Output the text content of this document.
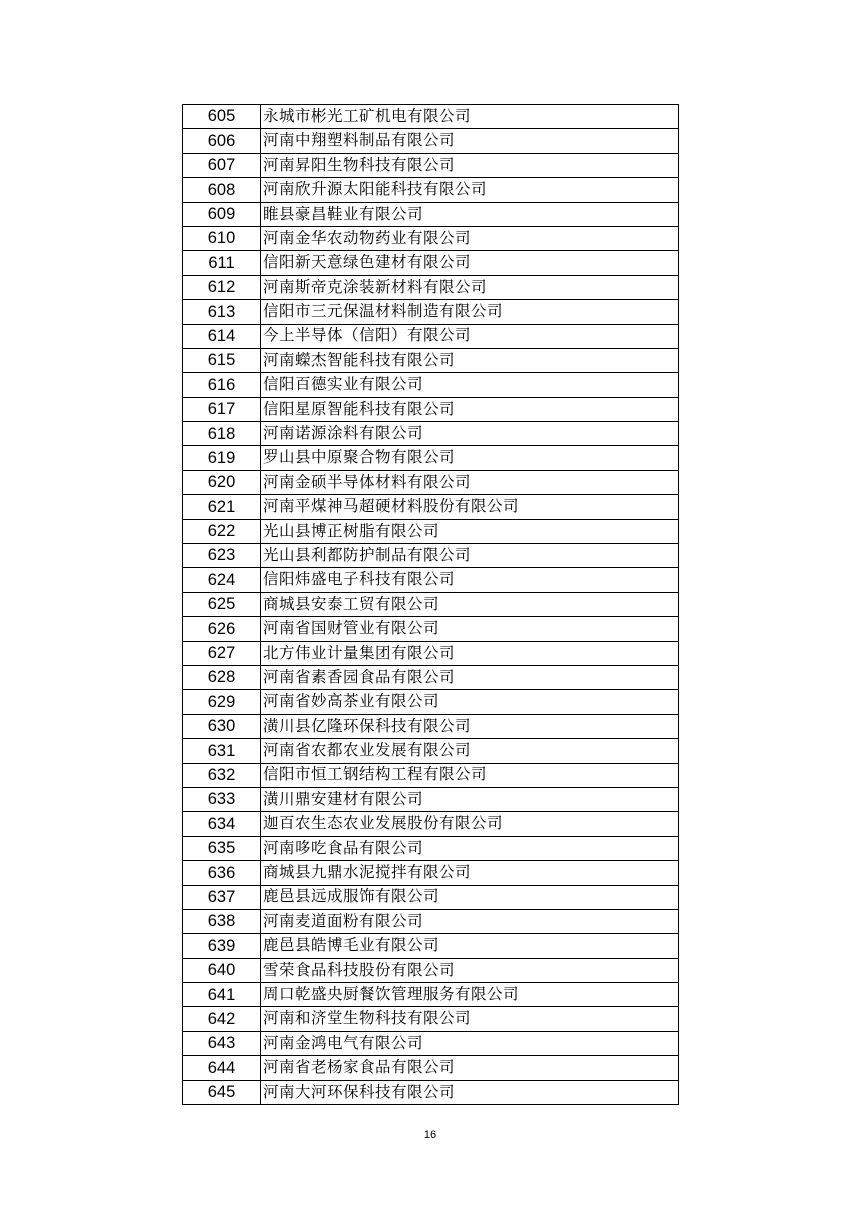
605	永城市彬光工矿机电有限公司
606	河南中翔塑料制品有限公司
607	河南昇阳生物科技有限公司
608	河南欣升源太阳能科技有限公司
609	睢县豪昌鞋业有限公司
610	河南金华农动物药业有限公司
611	信阳新天意绿色建材有限公司
612	河南斯帝克涂装新材料有限公司
613	信阳市三元保温材料制造有限公司
614	今上半导体（信阳）有限公司
615	河南蠑杰智能科技有限公司
616	信阳百德实业有限公司
617	信阳星原智能科技有限公司
618	河南诺源涂料有限公司
619	罗山县中原聚合物有限公司
620	河南金硕半导体材料有限公司
621	河南平煤神马超硬材料股份有限公司
622	光山县博正树脂有限公司
623	光山县利都防护制品有限公司
624	信阳炜盛电子科技有限公司
625	商城县安泰工贸有限公司
626	河南省国财管业有限公司
627	北方伟业计量集团有限公司
628	河南省素香园食品有限公司
629	河南省妙高茶业有限公司
630	潢川县亿隆环保科技有限公司
631	河南省农都农业发展有限公司
632	信阳市恒工钢结构工程有限公司
633	潢川鼎安建材有限公司
634	迦百农生态农业发展股份有限公司
635	河南哆吃食品有限公司
636	商城县九鼎水泥搅拌有限公司
637	鹿邑县远成服饰有限公司
638	河南麦道面粉有限公司
639	鹿邑县皓博毛业有限公司
640	雪荣食品科技股份有限公司
641	周口乾盛央厨餐饮管理服务有限公司
642	河南和济堂生物科技有限公司
643	河南金鸿电气有限公司
644	河南省老杨家食品有限公司
645	河南大河环保科技有限公司
16
